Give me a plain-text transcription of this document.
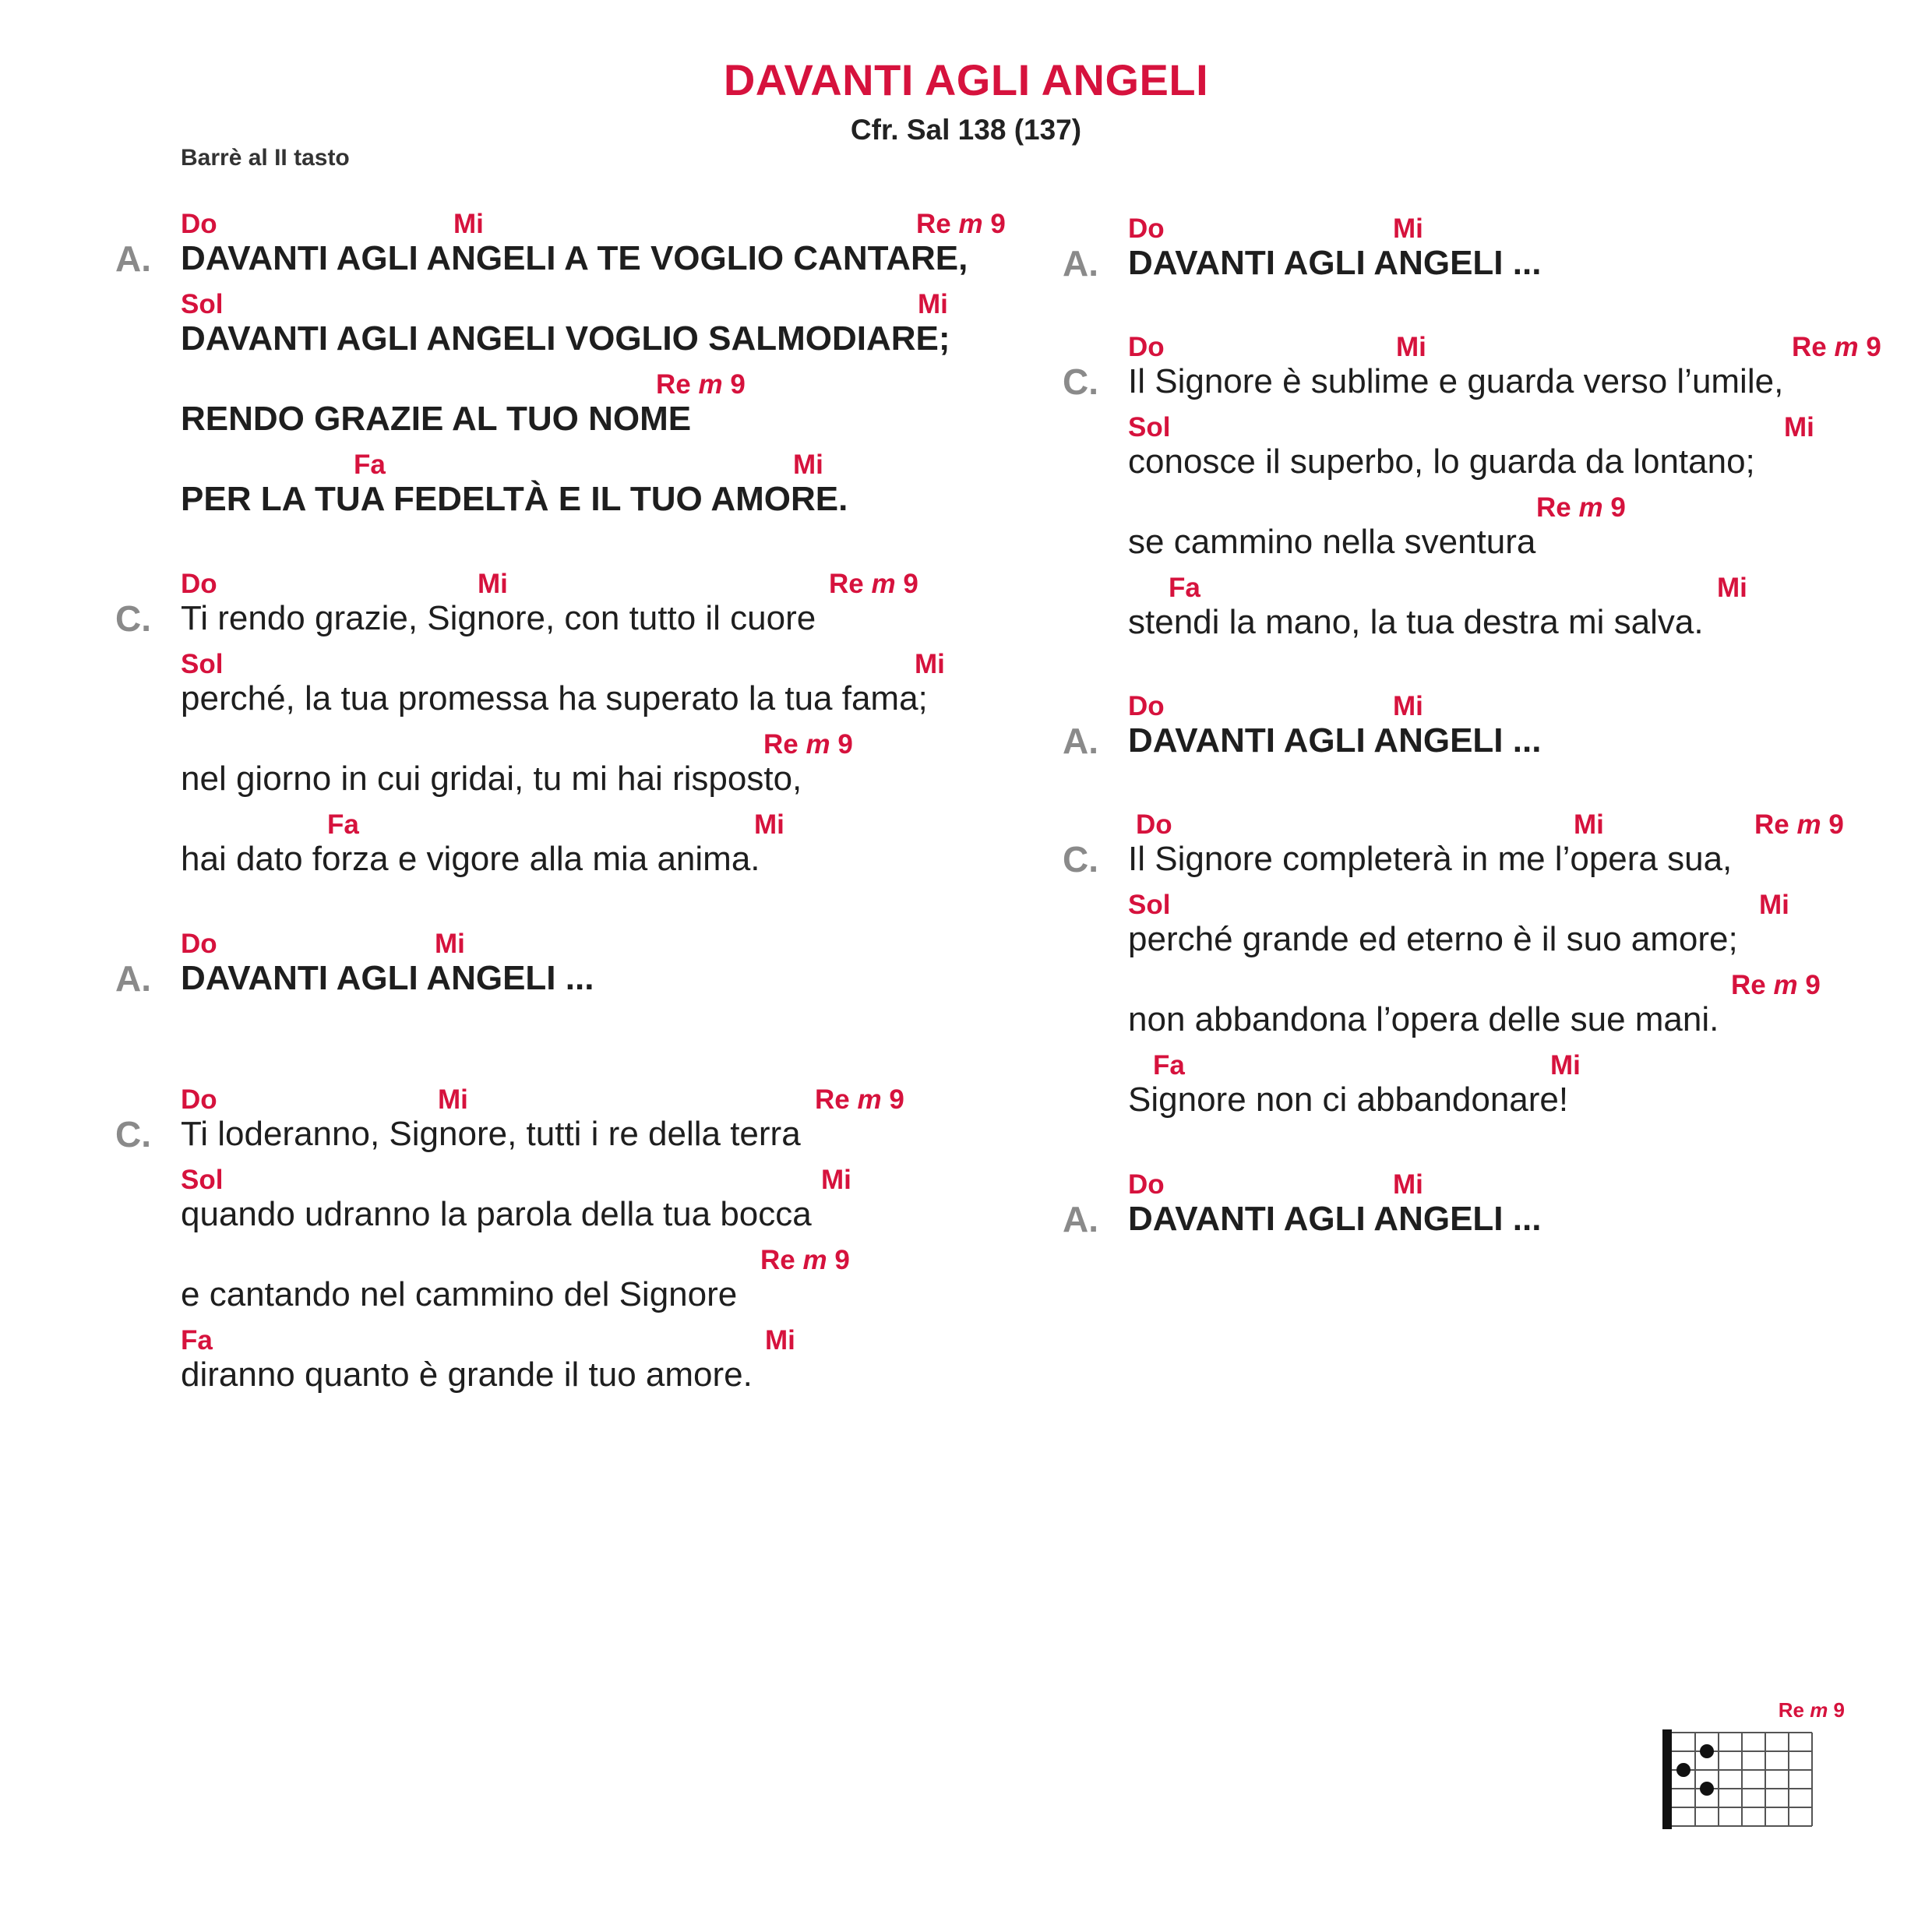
DAVANTI AGLI ANGELI
Cfr. Sal 138 (137)
Barrè al II tasto
A.
Do	Mi	Re m 9
DAVANTI AGLI ANGELI A TE VOGLIO CANTARE,
Sol	Mi
DAVANTI AGLI ANGELI VOGLIO SALMODIARE;
Re m 9
RENDO GRAZIE AL TUO NOME
Fa	Mi
PER LA TUA FEDELTÀ E IL TUO AMORE.
C.
Do	Mi	Re m 9
Ti rendo grazie, Signore, con tutto il cuore
Sol	Mi
perché, la tua promessa ha superato la tua fama;
Re m 9
nel giorno in cui gridai, tu mi hai risposto,
Fa	Mi
hai dato forza e vigore alla mia anima.
A.
Do	Mi
DAVANTI AGLI ANGELI ...
C.
Do	Mi	Re m 9
Ti loderanno, Signore, tutti i re della terra
Sol	Mi
quando udranno la parola della tua bocca
Re m 9
e cantando nel cammino del Signore
Fa	Mi
diranno quanto è grande il tuo amore.
A.
Do	Mi
DAVANTI AGLI ANGELI ...
C.
Do	Mi	Re m 9
Il Signore è sublime e guarda verso l’umile,
Sol	Mi
conosce il superbo, lo guarda da lontano;
Re m 9
se cammino nella sventura
Fa	Mi
stendi la mano, la tua destra mi salva.
A.
Do	Mi
DAVANTI AGLI ANGELI ...
C.
Do	Mi	Re m 9
Il Signore completerà in me l’opera sua,
Sol	Mi
perché grande ed eterno è il suo amore;
Re m 9
non abbandona l’opera delle sue mani.
Fa	Mi
Signore non ci abbandonare!
A.
Do	Mi
DAVANTI AGLI ANGELI ...
Re m 9
